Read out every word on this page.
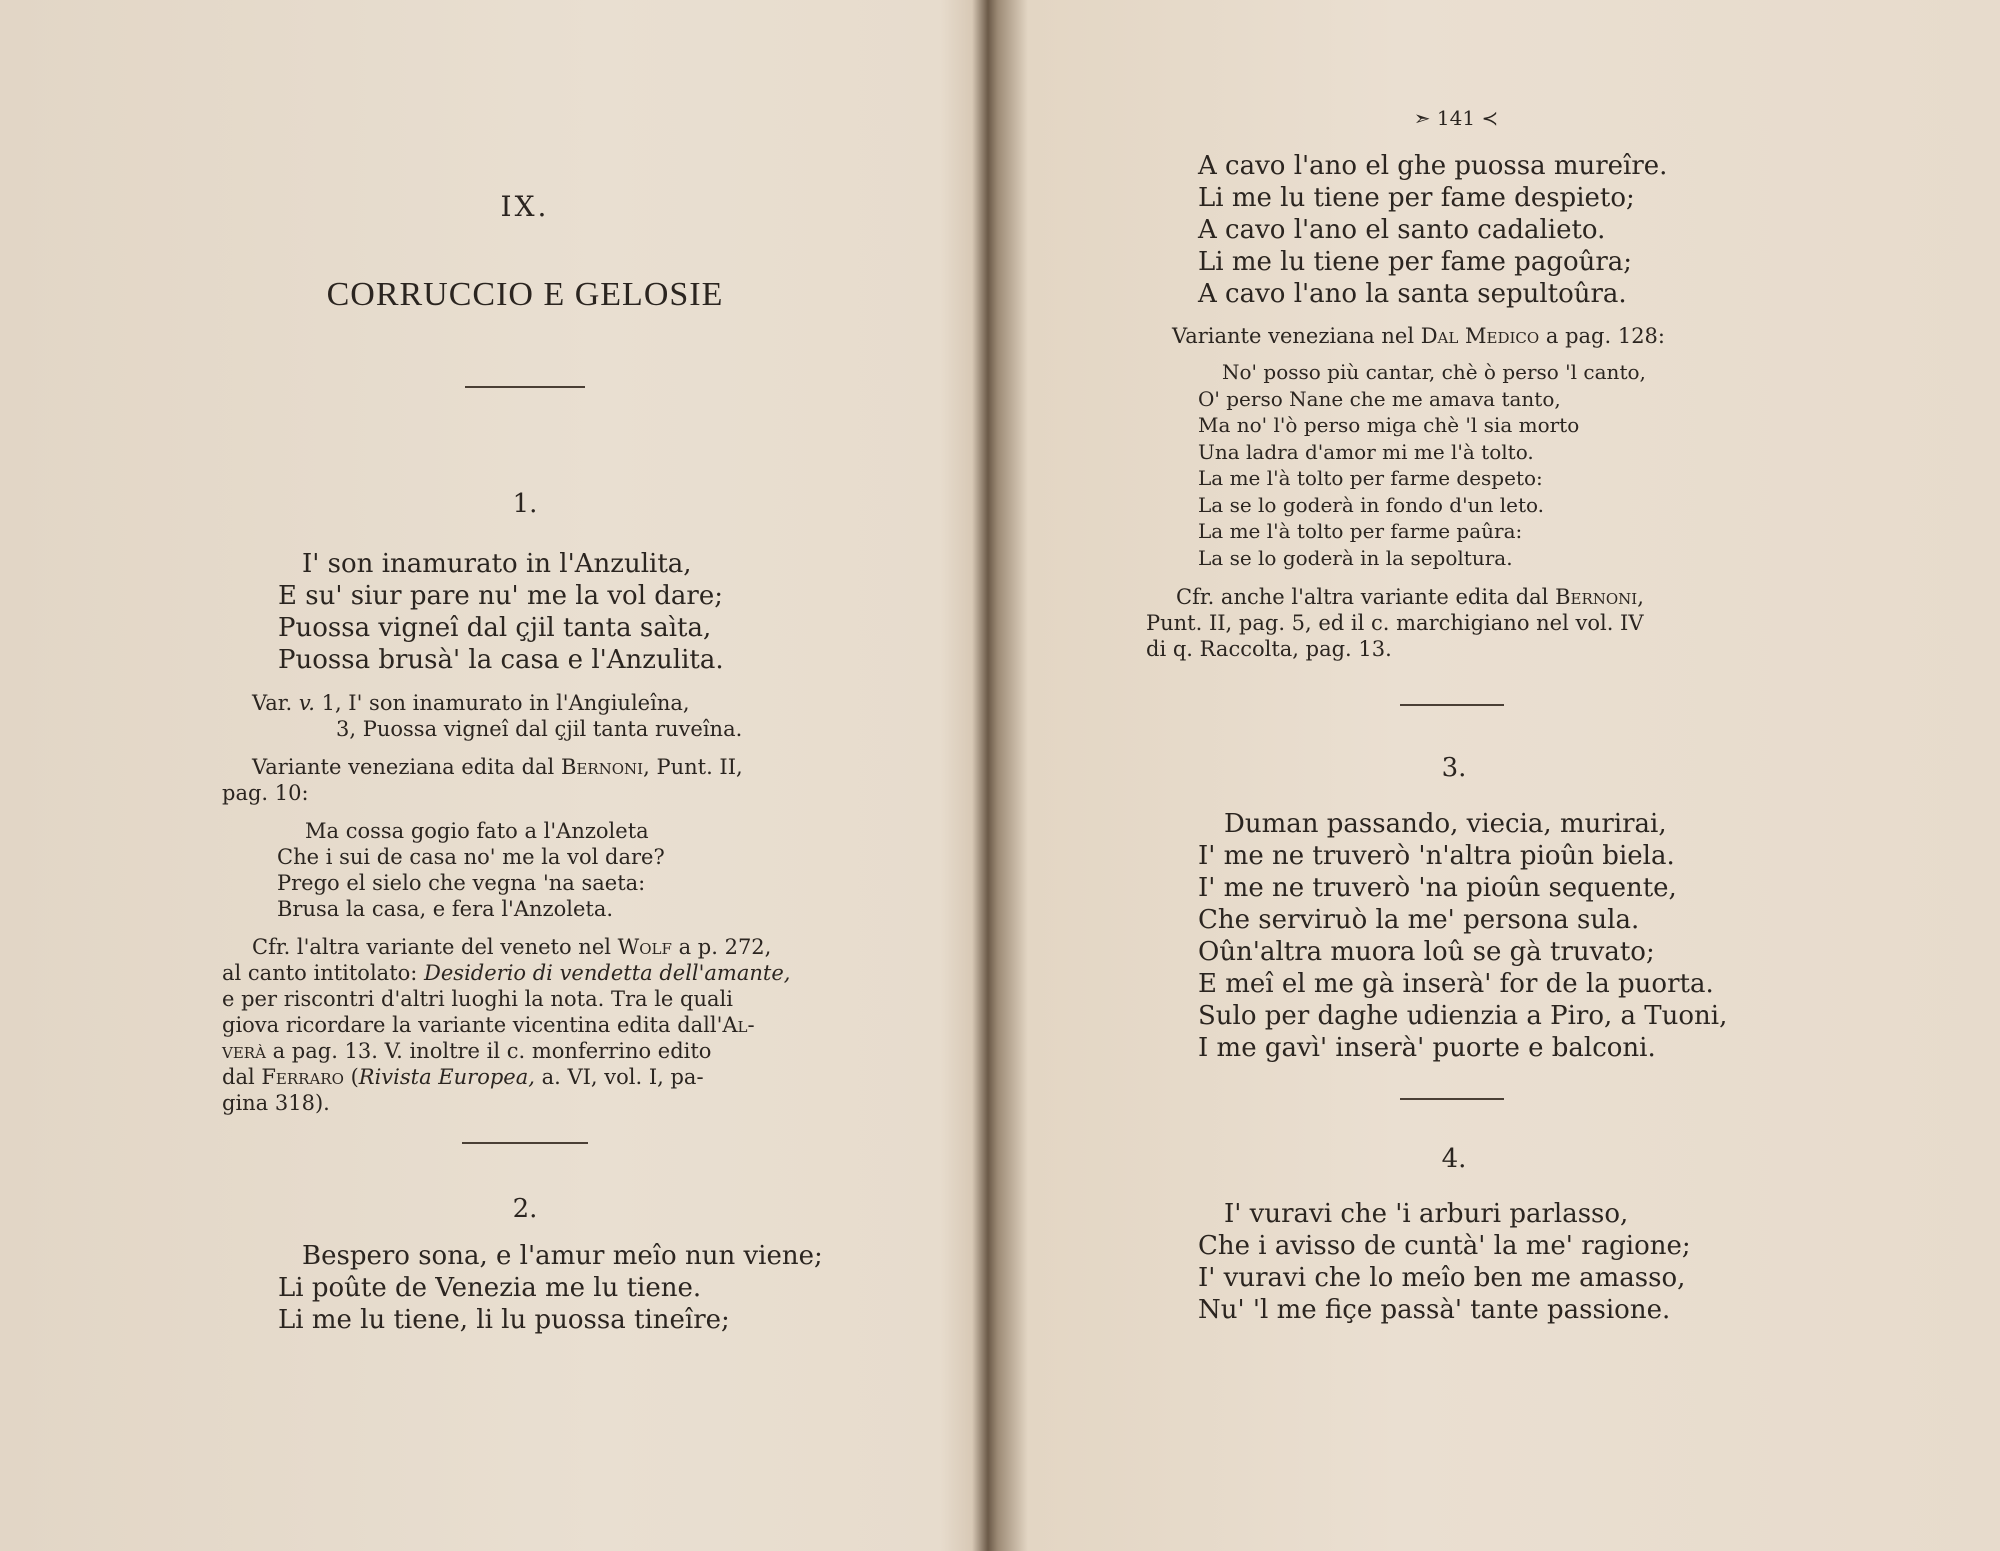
IX.
CORRUCCIO E GELOSIE
1.
I' son inamurato in l'Anzulita,
E su' siur pare nu' me la vol dare;
Puossa vigneî dal çjil tanta saìta,
Puossa brusà' la casa e l'Anzulita.
Var. v. 1, I' son inamurato in l'Angiuleîna,
3, Puossa vigneî dal çjil tanta ruveîna.
Variante veneziana edita dal Bernoni, Punt. II,
pag. 10:
Ma cossa gogio fato a l'Anzoleta
Che i sui de casa no' me la vol dare?
Prego el sielo che vegna 'na saeta:
Brusa la casa, e fera l'Anzoleta.
Cfr. l'altra variante del veneto nel Wolf a p. 272,
al canto intitolato: Desiderio di vendetta dell'amante,
e per riscontri d'altri luoghi la nota. Tra le quali
giova ricordare la variante vicentina edita dall'Al-
verà a pag. 13. V. inoltre il c. monferrino edito
dal Ferraro (Rivista Europea, a. VI, vol. I, pa-
gina 318).
2.
Bespero sona, e l'amur meîo nun viene;
Li poûte de Venezia me lu tiene.
Li me lu tiene, li lu puossa tineîre;
➣ 141 ≺
A cavo l'ano el ghe puossa mureîre.
Li me lu tiene per fame despieto;
A cavo l'ano el santo cadalieto.
Li me lu tiene per fame pagoûra;
A cavo l'ano la santa sepultoûra.
Variante veneziana nel Dal Medico a pag. 128:
No' posso più cantar, chè ò perso 'l canto,
O' perso Nane che me amava tanto,
Ma no' l'ò perso miga chè 'l sia morto
Una ladra d'amor mi me l'à tolto.
La me l'à tolto per farme despeto:
La se lo goderà in fondo d'un leto.
La me l'à tolto per farme paûra:
La se lo goderà in la sepoltura.
Cfr. anche l'altra variante edita dal Bernoni,
Punt. II, pag. 5, ed il c. marchigiano nel vol. IV
di q. Raccolta, pag. 13.
3.
Duman passando, viecia, murirai,
I' me ne truverò 'n'altra pioûn biela.
I' me ne truverò 'na pioûn sequente,
Che serviruò la me' persona sula.
Oûn'altra muora loû se gà truvato;
E meî el me gà inserà' for de la puorta.
Sulo per daghe udienzia a Piro, a Tuoni,
I me gavì' inserà' puorte e balconi.
4.
I' vuravi che 'i arburi parlasso,
Che i avisso de cuntà' la me' ragione;
I' vuravi che lo meîo ben me amasso,
Nu' 'l me fiçe passà' tante passione.
